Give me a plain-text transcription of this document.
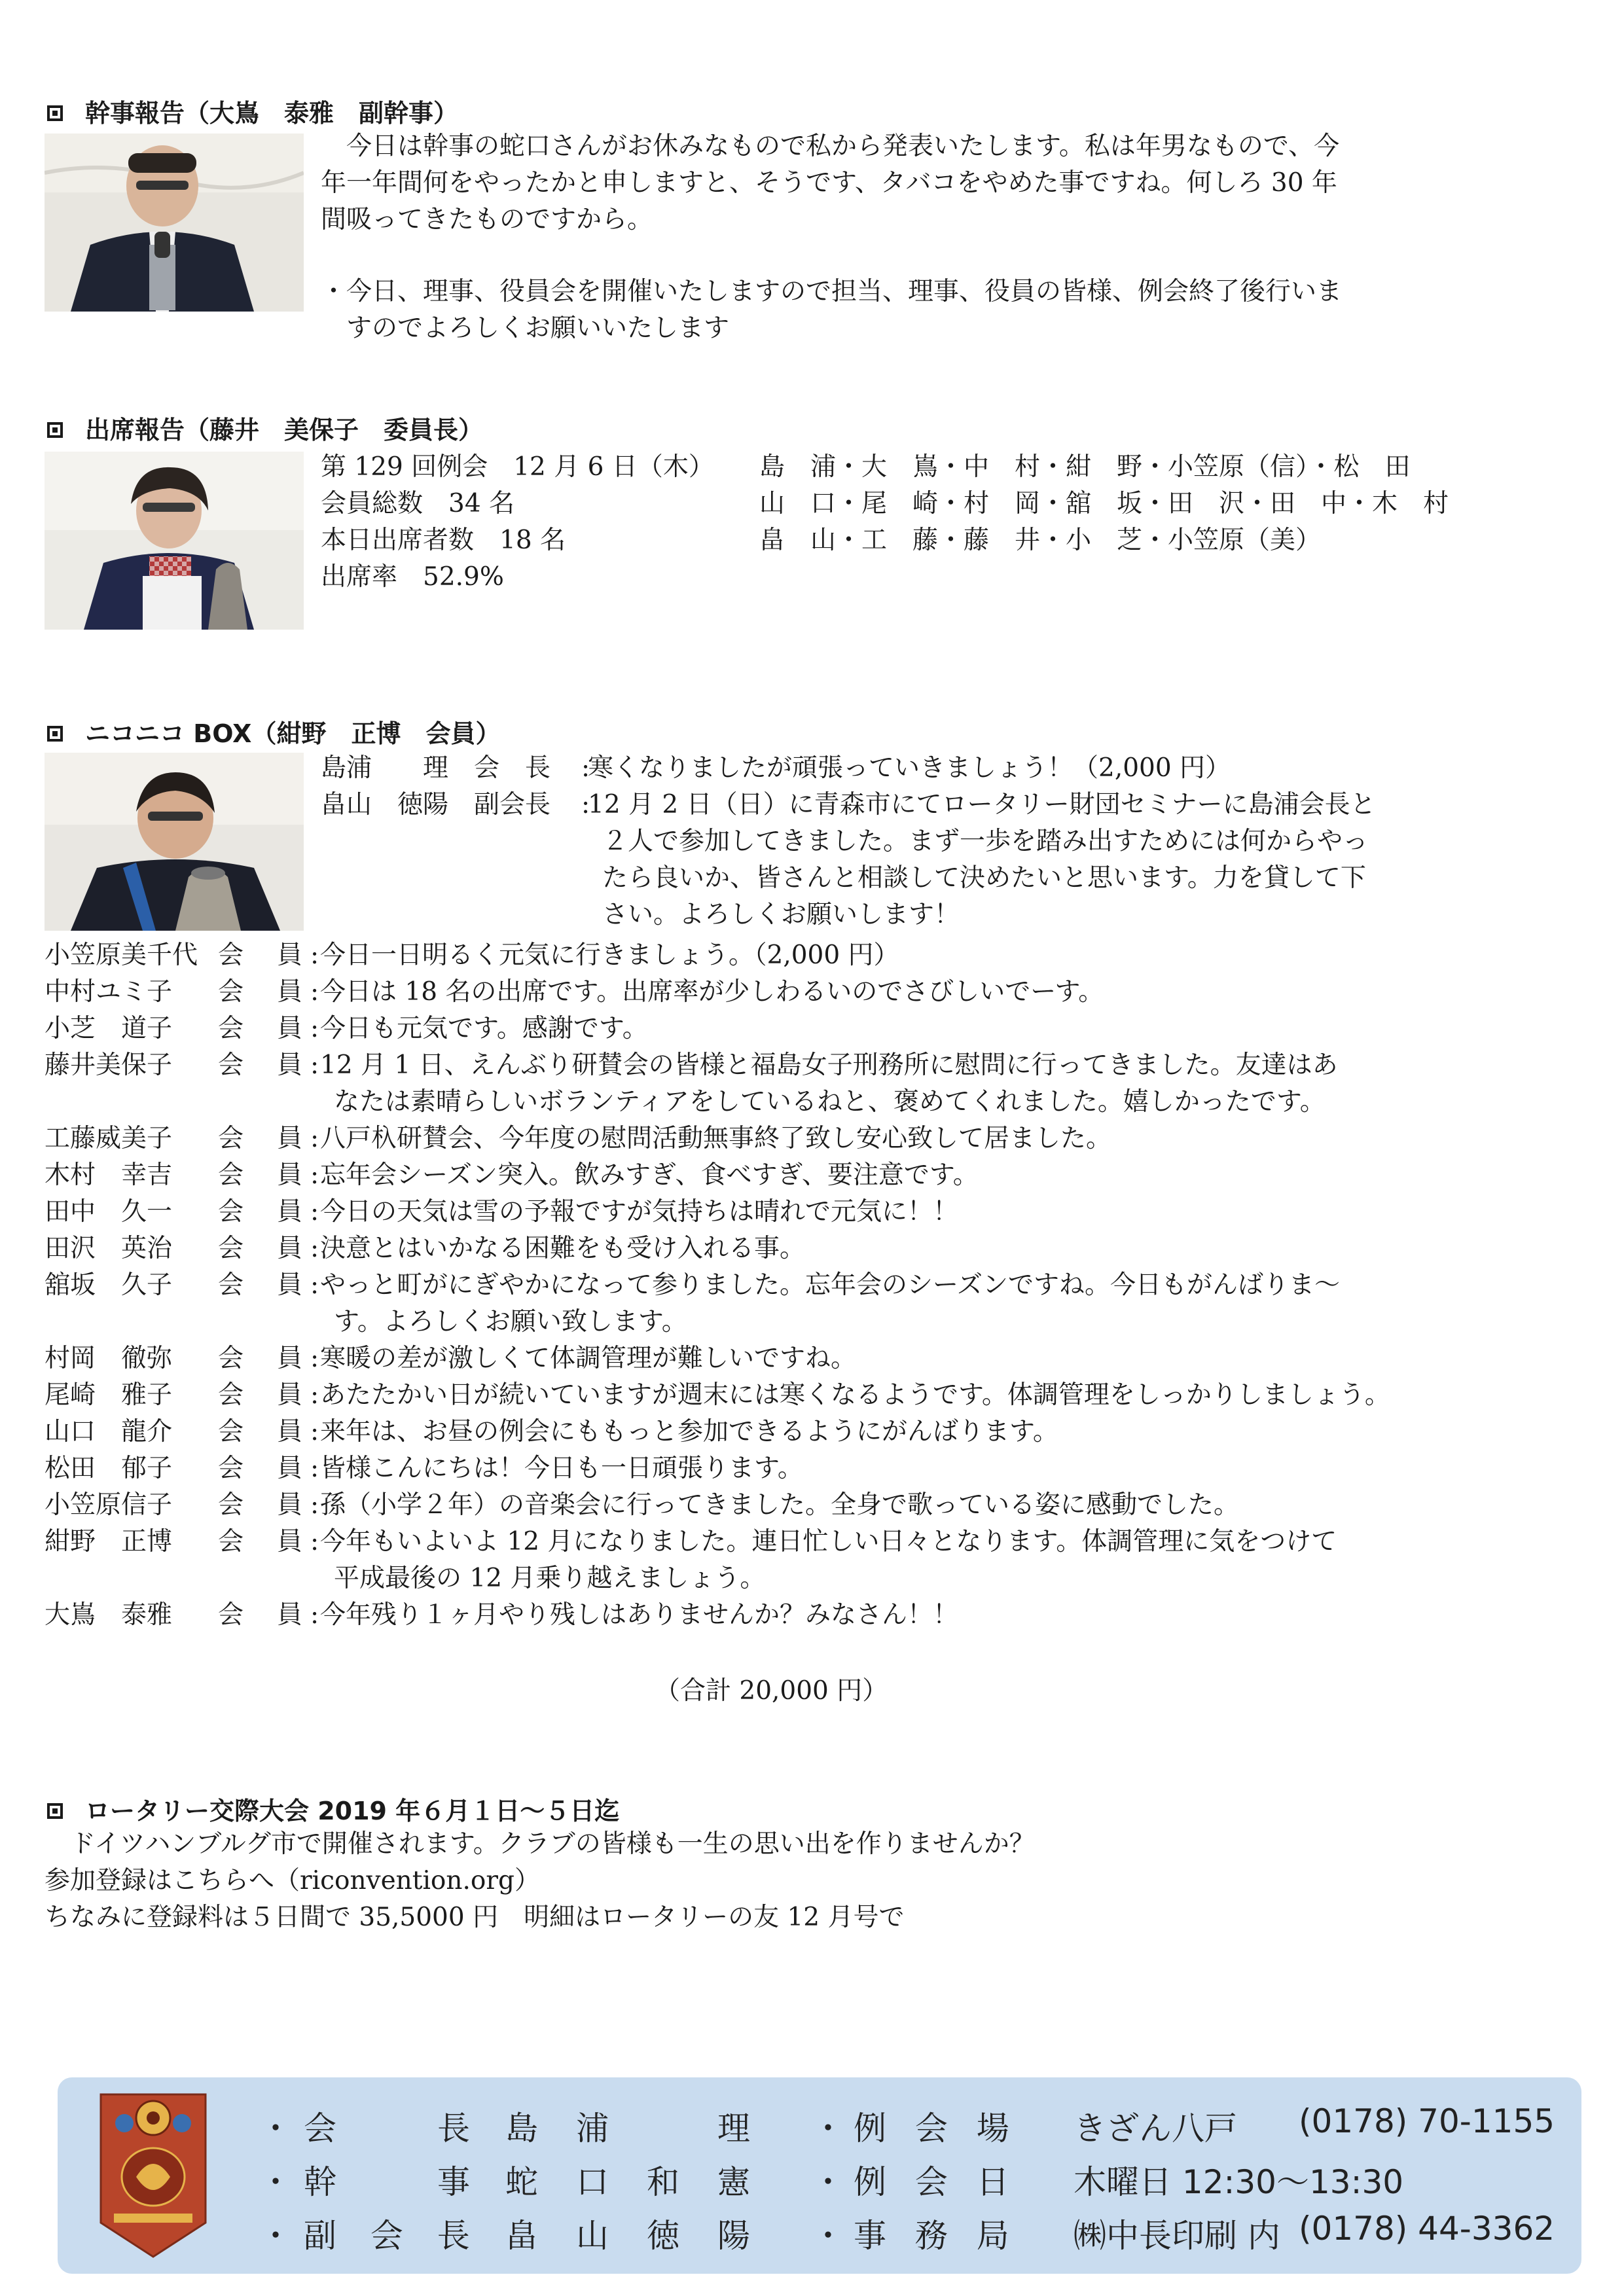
幹事報告（大嶌　泰雅　副幹事）
　今日は幹事の蛇口さんがお休みなもので私から発表いたします。私は年男なもので、今
年一年間何をやったかと申しますと、そうです、タバコをやめた事ですね。何しろ 30 年
間吸ってきたものですから。
・今日、理事、役員会を開催いたしますので担当、理事、役員の皆様、例会終了後行いま
　すのでよろしくお願いいたします
出席報告（藤井　美保子　委員長）
第 129 回例会　12 月 6 日（木）
会員総数　34 名
本日出席者数　18 名
出席率　52.9%
島　浦・大　嶌・中　村・紺　野・小笠原（信）・松　田
山　口・尾　崎・村　岡・舘　坂・田　沢・田　中・木　村
畠　山・工　藤・藤　井・小　芝・小笠原（美）
ニコニコ BOX（紺野　正博　会員）
島浦　　理　会　長 :
寒くなりましたが頑張っていきましょう！（2,000 円）
畠山　徳陽　副会長 :
12 月 2 日（日）に青森市にてロータリー財団セミナーに島浦会長と
２人で参加してきました。まず一歩を踏み出すためには何からやっ
たら良いか、皆さんと相談して決めたいと思います。力を貸して下
さい。よろしくお願いします！
小笠原美千代 会 員 : 今日一日明るく元気に行きましょう。（2,000 円）
中村ユミ子 会 員 : 今日は 18 名の出席です。出席率が少しわるいのでさびしいでーす。
小芝　道子 会 員 : 今日も元気です。感謝です。
藤井美保子 会 員 : 12 月 1 日、えんぶり研賛会の皆様と福島女子刑務所に慰問に行ってきました。友達はあ
なたは素晴らしいボランティアをしているねと、褒めてくれました。嬉しかったです。
工藤威美子 会 員 : 八戸杁研賛会、今年度の慰問活動無事終了致し安心致して居ました。
木村　幸吉 会 員 : 忘年会シーズン突入。飲みすぎ、食べすぎ、要注意です。
田中　久一 会 員 : 今日の天気は雪の予報ですが気持ちは晴れで元気に！！
田沢　英治 会 員 : 決意とはいかなる困難をも受け入れる事。
舘坂　久子 会 員 : やっと町がにぎやかになって参りました。忘年会のシーズンですね。今日もがんばりま～
す。よろしくお願い致します。
村岡　徹弥 会 員 : 寒暖の差が激しくて体調管理が難しいですね。
尾崎　雅子 会 員 : あたたかい日が続いていますが週末には寒くなるようです。体調管理をしっかりしましょう。
山口　龍介 会 員 : 来年は、お昼の例会にももっと参加できるようにがんばります。
松田　郁子 会 員 : 皆様こんにちは！今日も一日頑張ります。
小笠原信子 会 員 : 孫（小学２年）の音楽会に行ってきました。全身で歌っている姿に感動でした。
紺野　正博 会 員 : 今年もいよいよ 12 月になりました。連日忙しい日々となります。体調管理に気をつけて
平成最後の 12 月乗り越えましょう。
大嶌　泰雅 会 員 : 今年残り１ヶ月やり残しはありませんか？みなさん！！
（合計 20,000 円）
ロータリー交際大会 2019 年６月１日～５日迄
　ドイツハンブルグ市で開催されます。クラブの皆様も一生の思い出を作りませんか？
参加登録はこちらへ（riconvention.org）
ちなみに登録料は５日間で 35,5000 円　明細はロータリーの友 12 月号で
・会　　長 島　浦　　　理
・幹　　事 蛇　口　和　憲
・副 会 長 畠　山　徳　陽
・例 会 場 きざん八戸 (0178) 70-1155
・例 会 日 木曜日 12:30～13:30
・事 務 局 ㈱中長印刷 内 (0178) 44-3362
